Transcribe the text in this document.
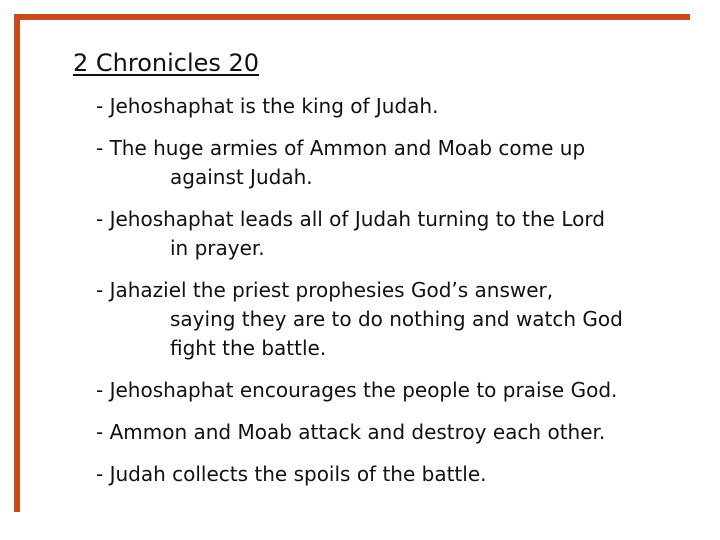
2 Chronicles 20
- Jehoshaphat is the king of Judah.
- The huge armies of Ammon and Moab come up
against Judah.
- Jehoshaphat leads all of Judah turning to the Lord
in prayer.
- Jahaziel the priest prophesies God’s answer,
saying they are to do nothing and watch God
fight the battle.
- Jehoshaphat encourages the people to praise God.
- Ammon and Moab attack and destroy each other.
- Judah collects the spoils of the battle.
